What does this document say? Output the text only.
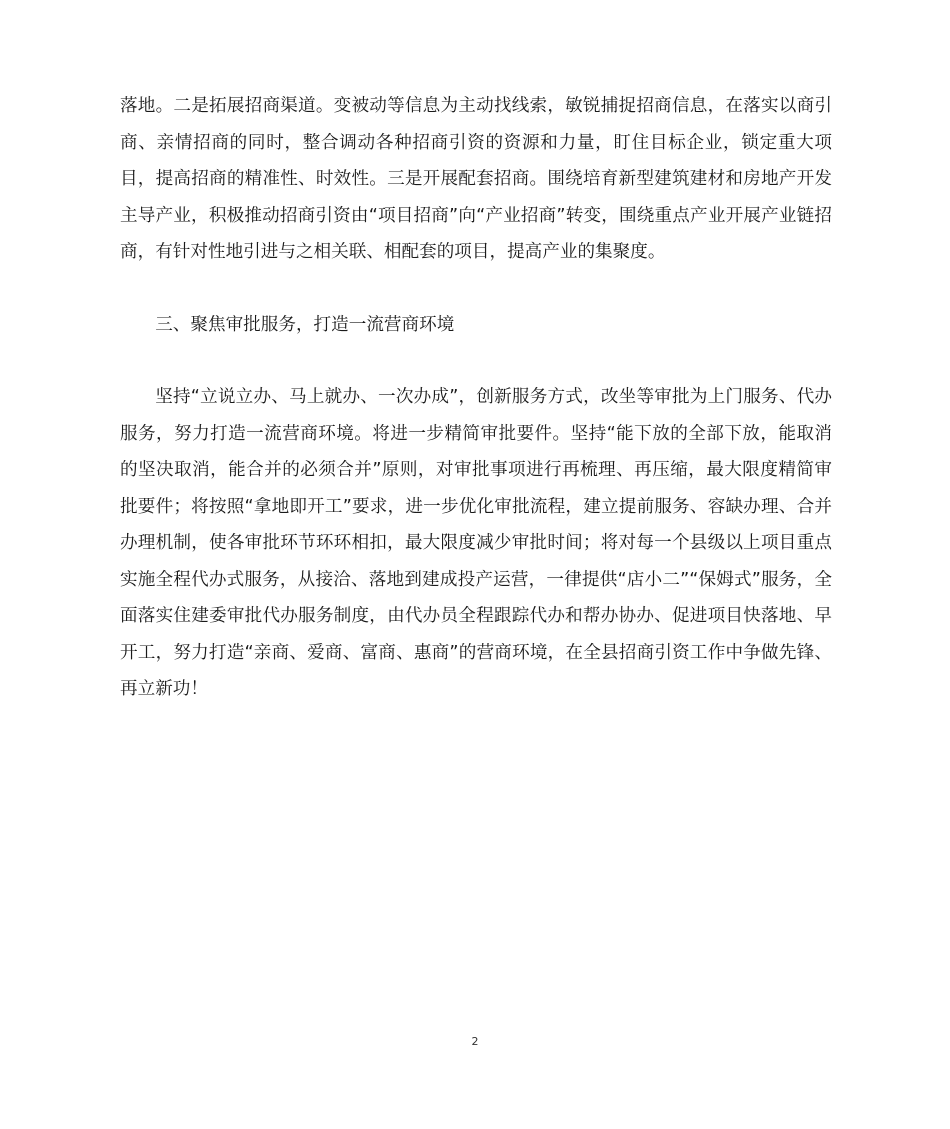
落地。二是拓展招商渠道。变被动等信息为主动找线索，敏锐捕捉招商信息，在落实以商引商、亲情招商的同时，整合调动各种招商引资的资源和力量，盯住目标企业，锁定重大项目，提高招商的精准性、时效性。三是开展配套招商。围绕培育新型建筑建材和房地产开发主导产业，积极推动招商引资由“项目招商”向“产业招商”转变，围绕重点产业开展产业链招商，有针对性地引进与之相关联、相配套的项目，提高产业的集聚度。

三、聚焦审批服务，打造一流营商环境

坚持“立说立办、马上就办、一次办成”，创新服务方式，改坐等审批为上门服务、代办服务，努力打造一流营商环境。将进一步精简审批要件。坚持“能下放的全部下放，能取消的坚决取消，能合并的必须合并”原则，对审批事项进行再梳理、再压缩，最大限度精简审批要件；将按照“拿地即开工”要求，进一步优化审批流程，建立提前服务、容缺办理、合并办理机制，使各审批环节环环相扣，最大限度减少审批时间；将对每一个县级以上项目重点实施全程代办式服务，从接洽、落地到建成投产运营，一律提供“店小二”“保姆式”服务，全面落实住建委审批代办服务制度，由代办员全程跟踪代办和帮办协办、促进项目快落地、早开工，努力打造“亲商、爱商、富商、惠商”的营商环境，在全县招商引资工作中争做先锋、再立新功！

2
